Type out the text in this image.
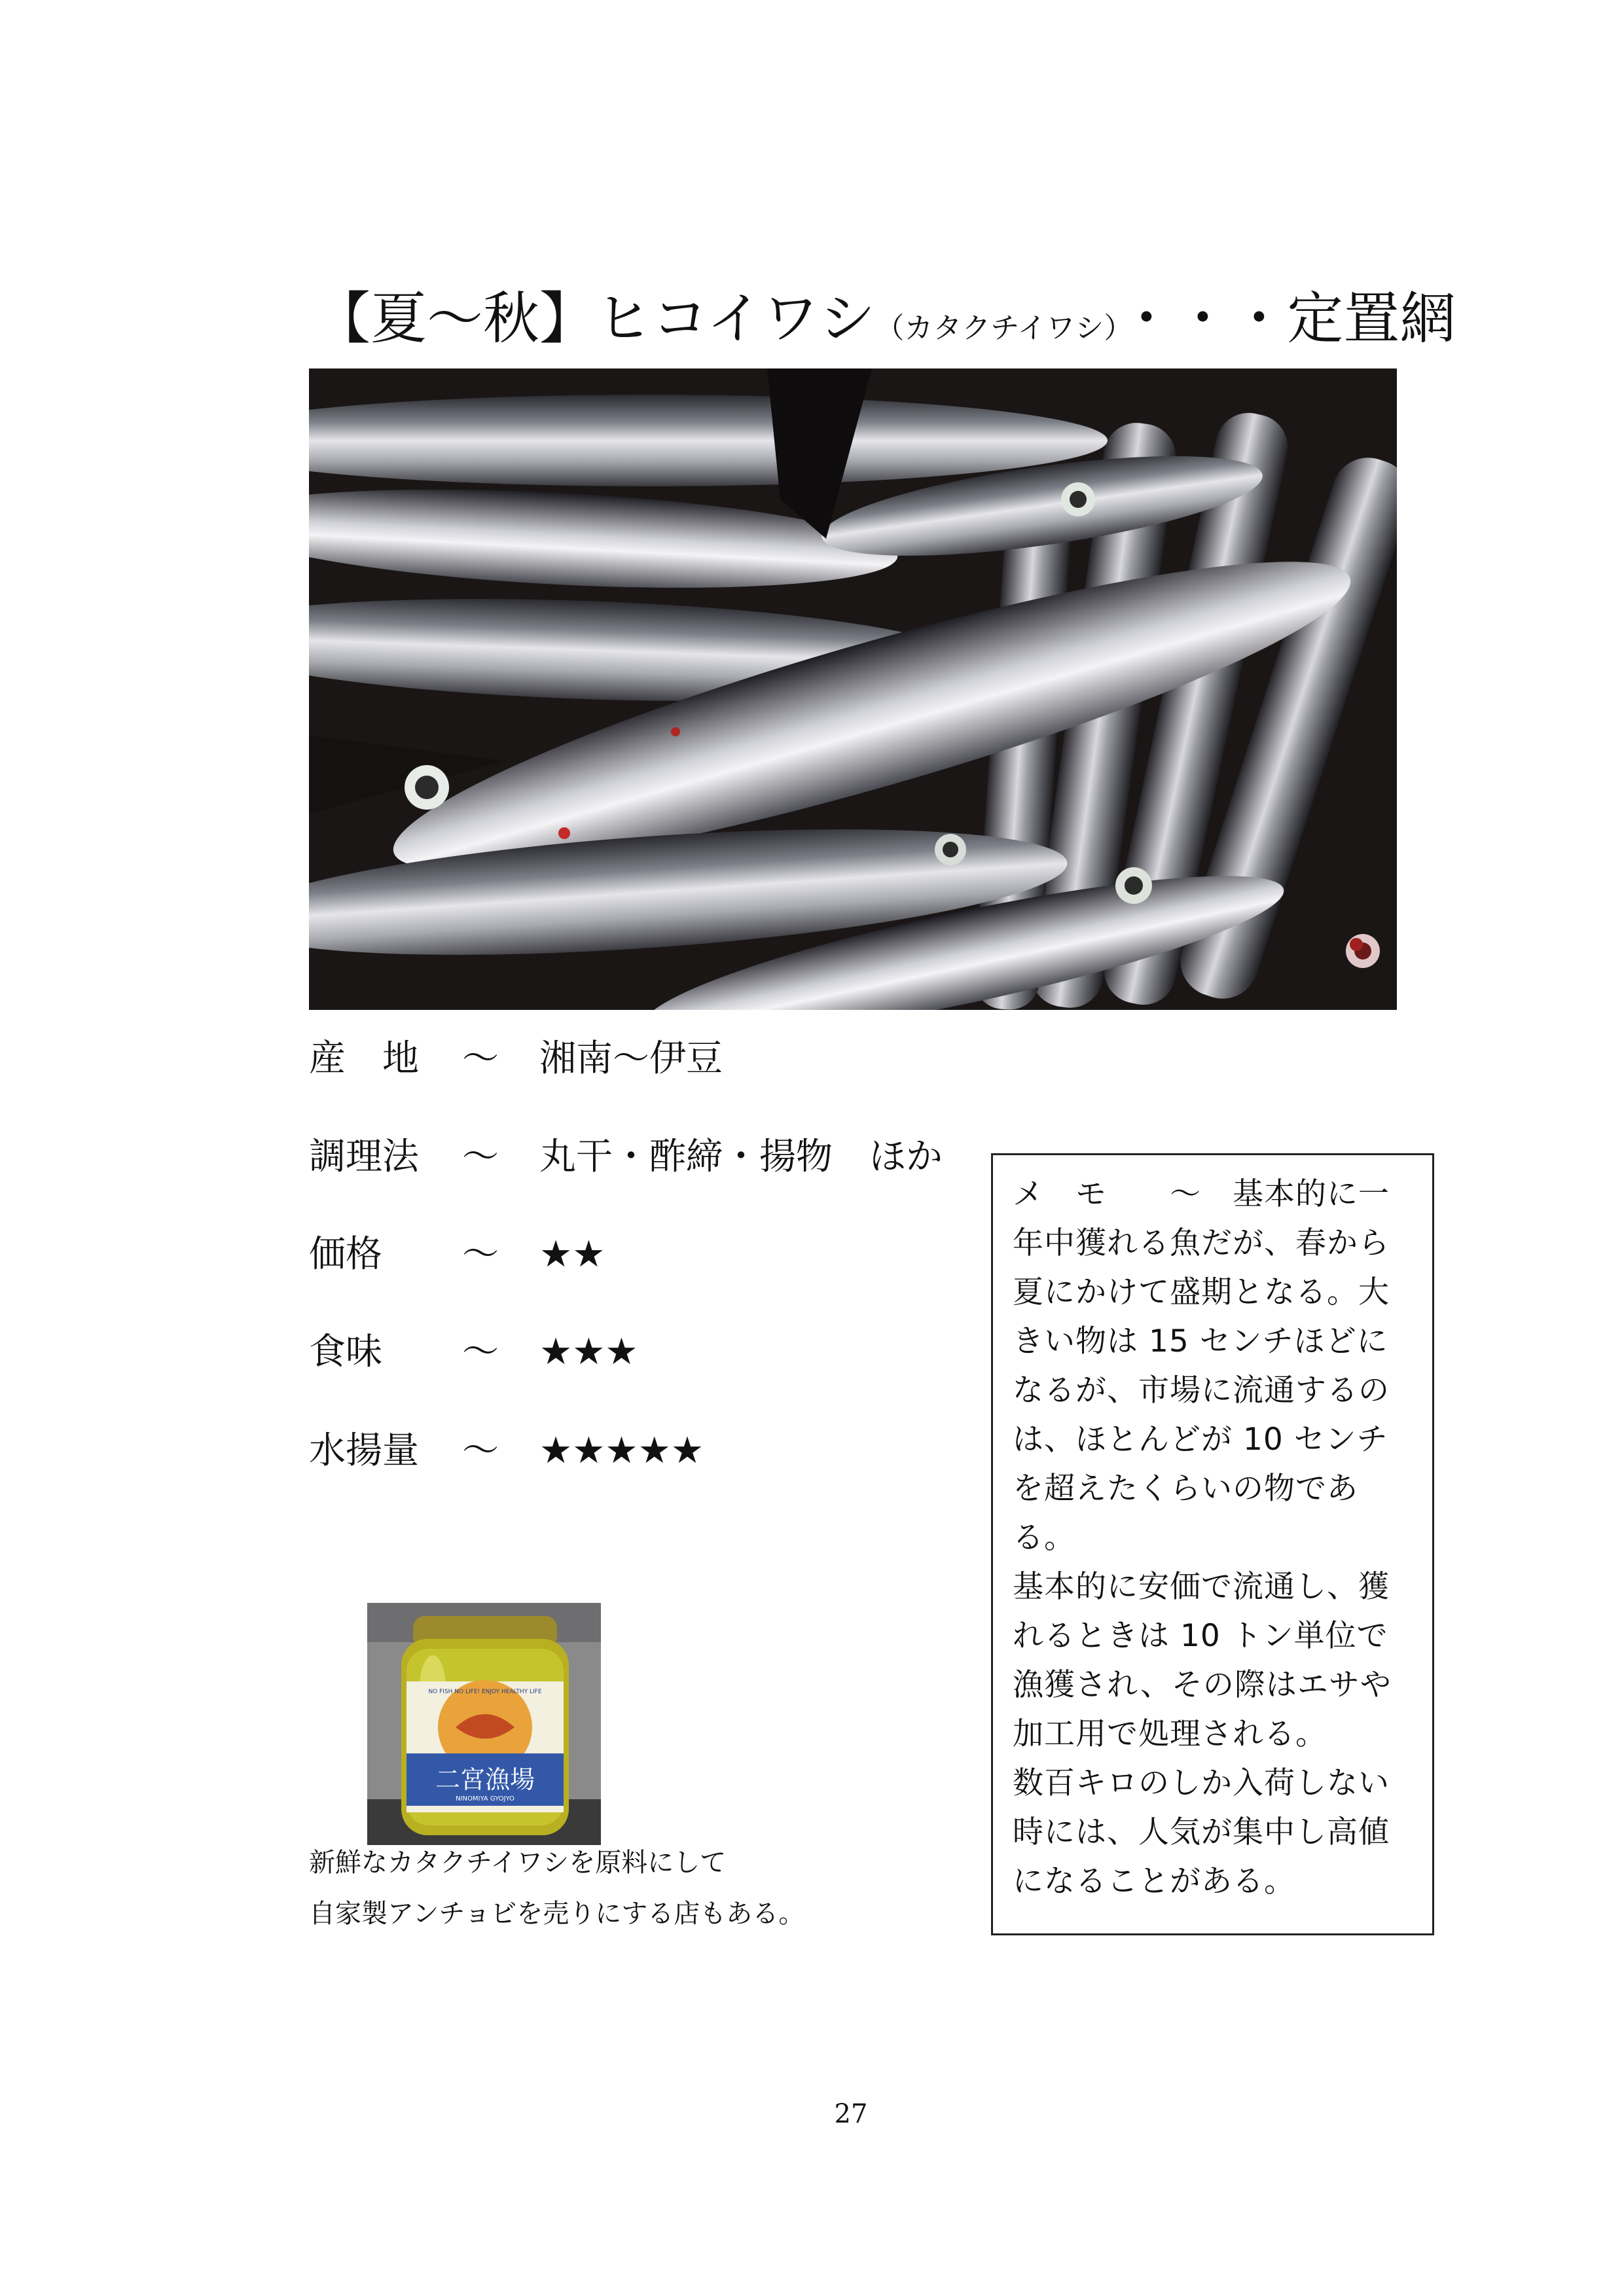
【夏〜秋】ヒコイワシ（カタクチイワシ）・・・定置網
産　地 〜 湘南〜伊豆
調理法 〜 丸干・酢締・揚物　ほか
価格 〜 ★★
食味 〜 ★★★
水揚量 〜 ★★★★★
二宮漁場
NINOMIYA GYOJYO
NO FISH NO LIFE! ENJOY HEALTHY LIFE
新鮮なカタクチイワシを原料にして
自家製アンチョビを売りにする店もある。
メ　モ　　〜　基本的に一
年中獲れる魚だが、春から
夏にかけて盛期となる。大
きい物は 15 センチほどに
なるが、市場に流通するの
は、ほとんどが 10 センチ
を超えたくらいの物であ
る。
基本的に安価で流通し、獲
れるときは 10 トン単位で
漁獲され、その際はエサや
加工用で処理される。
数百キロのしか入荷しない
時には、人気が集中し高値
になることがある。
27
